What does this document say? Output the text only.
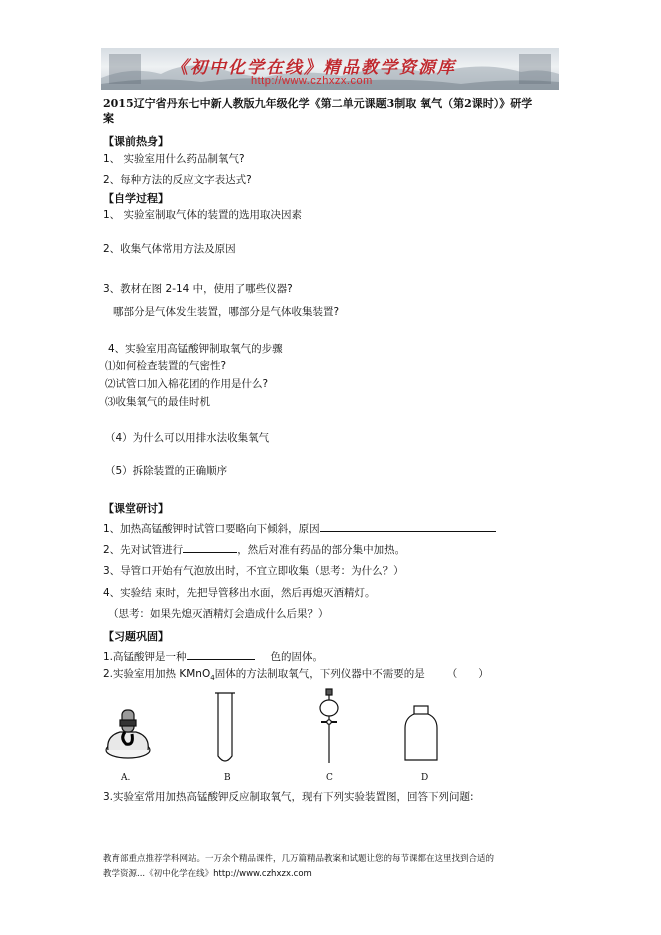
《初中化学在线》精品教学资源库
http://www.czhxzx.com
2015辽宁省丹东七中新人教版九年级化学《第二单元课题3制取 氧气（第2课时）》研学
案
【课前热身】
1、 实验室用什么药品制氧气?
2、每种方法的反应文字表达式?
【自学过程】
1、 实验室制取气体的装置的选用取决因素
2、收集气体常用方法及原因
3、教材在图 2-14 中，使用了哪些仪器?
哪部分是气体发生装置，哪部分是气体收集装置?
4、实验室用高锰酸钾制取氧气的步骤
⑴如何检查装置的气密性?
⑵试管口加入棉花团的作用是什么?
⑶收集氧气的最佳时机
（4）为什么可以用排水法收集氧气
（5）拆除装置的正确顺序
【课堂研讨】
1、加热高锰酸钾时试管口要略向下倾斜，原因
2、先对试管进行	，然后对准有药品的部分集中加热。
3、导管口开始有气泡放出时，不宜立即收集（思考：为什么？）
4、实验结 束时，先把导管移出水面，然后再熄灭酒精灯。
（思考：如果先熄灭酒精灯会造成什么后果？）
【习题巩固】
1.高锰酸钾是一种	色的固体。
2.实验室用加热 KMnO$_4$固体的方法制取氧气，下列仪器中不需要的是 （　　）
A.	B	C	D
3.实验室常用加热高锰酸钾反应制取氧气，现有下列实验装置图，回答下列问题:
教育部重点推荐学科网站。一万余个精品课件，几万篇精品教案和试题让您的每节课都在这里找到合适的
教学资源...《初中化学在线》http://www.czhxzx.com
